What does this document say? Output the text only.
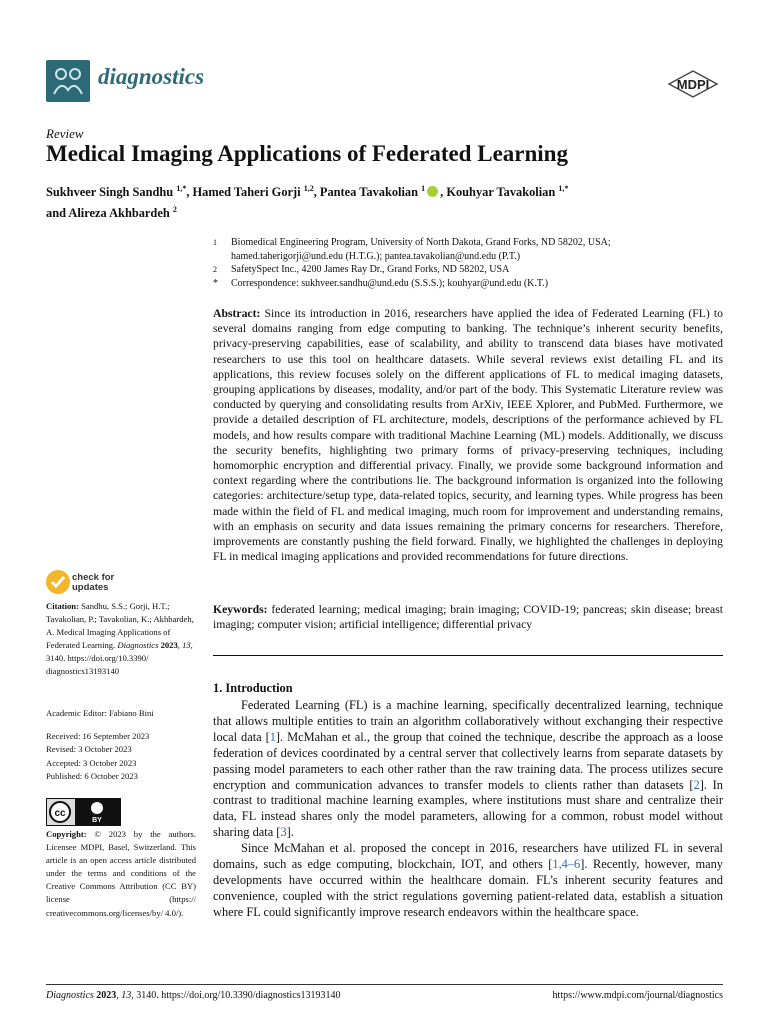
diagnostics	MDPI
Review
Medical Imaging Applications of Federated Learning
Sukhveer Singh Sandhu $^{1,*}$, Hamed Taheri Gorji $^{1,2}$, Pantea Tavakolian $^1$ , Kouhyar Tavakolian $^{1,*}$
and Alireza Akhbardeh $^2$
1	Biomedical Engineering Program, University of North Dakota, Grand Forks, ND 58202, USA;
hamed.taherigorji@und.edu (H.T.G.); pantea.tavakolian@und.edu (P.T.)
2	SafetySpect Inc., 4200 James Ray Dr., Grand Forks, ND 58202, USA
*	Correspondence: sukhveer.sandhu@und.edu (S.S.S.); kouhyar@und.edu (K.T.)
Abstract: Since its introduction in 2016, researchers have applied the idea of Federated Learning (FL) to several domains ranging from edge computing to banking. The technique’s inherent security benefits, privacy-preserving capabilities, ease of scalability, and ability to transcend data biases have motivated researchers to use this tool on healthcare datasets. While several reviews exist detailing FL and its applications, this review focuses solely on the different applications of FL to medical imaging datasets, grouping applications by diseases, modality, and/or part of the body. This Systematic Literature review was conducted by querying and consolidating results from ArXiv, IEEE Xplorer, and PubMed. Furthermore, we provide a detailed description of FL architecture, models, descriptions of the performance achieved by FL models, and how results compare with traditional Machine Learning (ML) models. Additionally, we discuss the security benefits, highlighting two primary forms of privacy-preserving techniques, including homomorphic encryption and differential privacy. Finally, we provide some background information and context regarding where the contributions lie. The background information is organized into the following categories: architecture/setup type, data-related topics, security, and learning types. While progress has been made within the field of FL and medical imaging, much room for improvement and understanding remains, with an emphasis on security and data issues remaining the primary concerns for researchers. Therefore, improvements are constantly pushing the field forward. Finally, we highlighted the challenges in deploying FL in medical imaging applications and provided recommendations for future directions.
Keywords: federated learning; medical imaging; brain imaging; COVID-19; pancreas; skin disease; breast imaging; computer vision; artificial intelligence; differential privacy
1. Introduction

Federated Learning (FL) is a machine learning, specifically decentralized learning, technique that allows multiple entities to train an algorithm collaboratively without exchanging their respective local data [1]. McMahan et al., the group that coined the technique, describe the approach as a loose federation of devices coordinated by a central server that collectively learns from separate datasets by passing model parameters to each other rather than the raw training data. The process utilizes secure encryption and communication advances to transfer models to clients rather than datasets [2]. In contrast to traditional machine learning examples, where institutions must share and centralize their data, FL instead shares only the model parameters, allowing for a common, robust model without sharing data [3].

Since McMahan et al. proposed the concept in 2016, researchers have utilized FL in several domains, such as edge computing, blockchain, IOT, and others [1,4–6]. Recently, however, many developments have occurred within the healthcare domain. FL’s inherent security features and convenience, coupled with the strict regulations governing patient-related data, establish a situation where FL could significantly improve research endeavors within the healthcare space.

check for
updates
Citation: Sandhu, S.S.; Gorji, H.T.; Tavakolian, P.; Tavakolian, K.; Akhbardeh, A. Medical Imaging Applications of Federated Learning. Diagnostics 2023, 13, 3140. https://doi.org/10.3390/ diagnostics13193140
Academic Editor: Fabiano Bini
Received: 16 September 2023
Revised: 3 October 2023
Accepted: 3 October 2023
Published: 6 October 2023
cc
BY
Copyright: © 2023 by the authors. Licensee MDPI, Basel, Switzerland. This article is an open access article distributed under the terms and conditions of the Creative Commons Attribution (CC BY) license (https:// creativecommons.org/licenses/by/ 4.0/).
Diagnostics 2023, 13, 3140. https://doi.org/10.3390/diagnostics13193140	https://www.mdpi.com/journal/diagnostics
